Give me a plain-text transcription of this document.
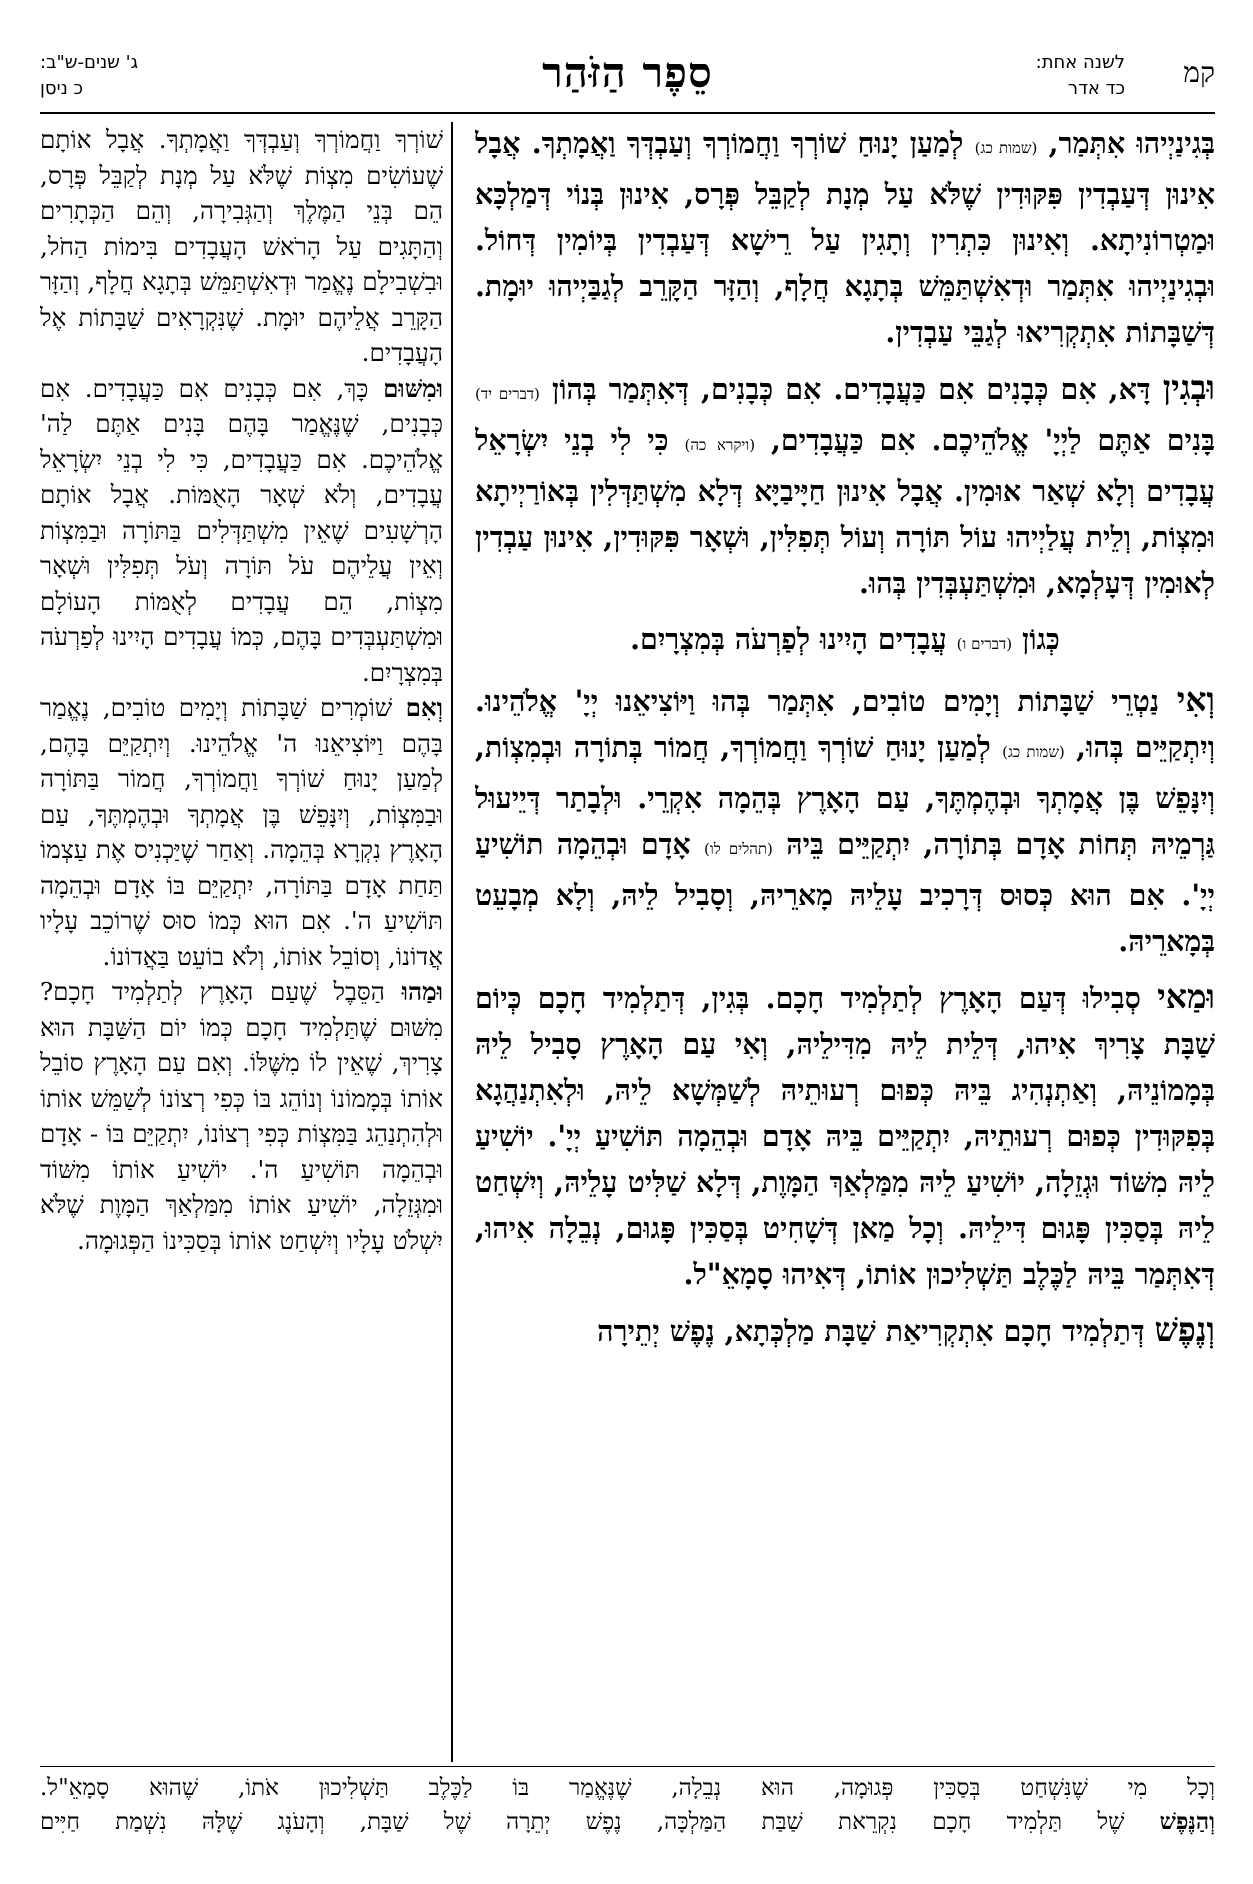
קמ
לשנה אחת:
כד אדר
סֵפֶר הַזֹּהַר
ג' שנים-ש"ב:
כ ניסן

בְּגִינַיְיהוּ אִתְּמַר, (שמות כג) לְמַעַן יָנוּחַ שׁוֹרְךָ וַחֲמוֹרְךָ וְעַבְדְּךָ וַאֲמָתְךָ. אֲבָל אִינוּן דְּעַבְדִין פִּקּוּדִין שֶׁלֹּא עַל מְנָת לְקַבֵּל פְּרָס, אִינוּן בְּנוֹי דְּמַלְכָּא וּמַטְרוֹנִיתָא. וְאִינוּן כִּתְרִין וְתָגִין עַל רֵישָׁא דְּעַבְדִין בְּיוֹמִין דְּחוֹל. וּבְגִינַיְיהוּ אִתְּמַר וּדְאִשְׁתַּמֵּשׁ בְּתָגָא חֲלָף, וְהַזָּר הַקָּרֵב לְגַבַּיְיהוּ יוּמָת. דְּשַׁבָּתוֹת אִתְקְרִיאוּ לְגַבֵּי עַבְדִין.

וּבְגִין דָּא, אִם כְּבָנִים אִם כַּעֲבָדִים. אִם כְּבָנִים, דְּאִתְּמַר בְּהוֹן (דברים יד) בָּנִים אַתֶּם לַיְיָ' אֱלֹהֵיכֶם. אִם כַּעֲבָדִים, (ויקרא כה) כִּי לִי בְנֵי יִשְׂרָאֵל עֲבָדִים וְלָא שְׁאַר אוּמִין. אֲבָל אִינוּן חַיָּיבַיָּא דְּלָא מִשְׁתַּדְּלִין בְּאוֹרַיְיתָא וּמִצְוֹת, וְלֵית עֲלַיְיהוּ עוֹל תּוֹרָה וְעוֹל תְּפִלִּין, וּשְׁאָר פִּקּוּדִין, אִינוּן עַבְדִין לְאוּמִין דְּעָלְמָא, וּמִשְׁתַּעְבְּדִין בְּהוּ.

כְּגוֹן (דברים ו) עֲבָדִים הָיִינוּ לְפַרְעֹה בְּמִצְרָיִם.

וְאִי נַטְרֵי שַׁבָּתוֹת וְיָמִים טוֹבִים, אִתְּמַר בְּהוּ וַיּוֹצִיאֵנוּ יְיָ' אֱלֹהֵינוּ. וְיִתְקַיֵּים בְּהוּ, (שמות כג) לְמַעַן יָנוּחַ שׁוֹרְךָ וַחֲמוֹרְךָ, חֲמוֹר בְּתוֹרָה וּבְמִצְוֹת, וְיִנָּפֵשׁ בֶּן אֲמָתְךָ וּבְהֶמְתֶּךָ, עַם הָאָרֶץ בְּהֵמָה אִקְרֵי. וּלְבָתַר דְּיֵיעוּל גַּרְמֵיהּ תְּחוֹת אָדָם בְּתוֹרָה, יִתְקַיֵּים בֵּיהּ (תהלים לו) אָדָם וּבְהֵמָה תוֹשִׁיעַ יְיָ'. אִם הוּא כְּסוּס דְּרָכִיב עָלֵיהּ מָארֵיהּ, וְסָבִיל לֵיהּ, וְלָא מְבָעֵט בְּמָארֵיהּ.

וּמַאי סְבִילוּ דְּעַם הָאָרֶץ לְתַלְמִיד חָכָם. בְּגִין, דְּתַלְמִיד חָכָם כְּיוֹם שַׁבָּת צָרִיךְ אִיהוּ, דְּלֵית לֵיהּ מִדִּילֵיהּ, וְאִי עַם הָאָרֶץ סָבִיל לֵיהּ בְּמָמוֹנֵיהּ, וְאַתְנְהִיג בֵּיהּ כְּפוּם רְעוּתֵיהּ לְשַׁמְּשָׁא לֵיהּ, וּלְאִתְנַהֲגָא בְּפִקּוּדִין כְּפוּם רְעוּתֵיהּ, יִתְקַיֵּים בֵּיהּ אָדָם וּבְהֵמָה תּוֹשִׁיעַ יְיָ'. יוֹשִׁיעַ לֵיהּ מִשּׁוֹד וּגְזֵלָה, יוֹשִׁיעַ לֵיהּ מִמַּלְאַךְ הַמָּוֶת, דְּלָא שַׁלִּיט עָלֵיהּ, וְיִשְׁחַט לֵיהּ בְּסַכִּין פָּגוּם דִּילֵיהּ. וְכָל מַאן דְּשָׁחִיט בְּסַכִּין פָּגוּם, נְבֵלָה אִיהוּ, דְּאִתְּמַר בֵּיהּ לַכֶּלֶב תַּשְׁלִיכוּן אוֹתוֹ, דְּאִיהוּ סָמָאֵ"ל.

וְנֶפֶשׁ דְּתַלְמִיד חָכָם אִתְקְרִיאַת שַׁבָּת מַלְכְּתָא, נֶפֶשׁ יְתֵירָה

שׁוֹרְךָ וַחֲמוֹרְךָ וְעַבְדְּךָ וַאֲמָתְךָ. אֲבָל אוֹתָם שֶׁעוֹשִׂים מִצְוֹת שֶׁלֹּא עַל מְנָת לְקַבֵּל פְּרָס, הֵם בְּנֵי הַמֶּלֶךְ וְהַגְּבִירָה, וְהֵם הַכְּתָרִים וְהַתָּגִים עַל הָרֹאשׁ הָעֲבָדִים בִּימוֹת הַחֹל, וּבִשְׁבִילָם נֶאֱמַר וּדְאִשְׁתַּמֵּשׁ בְּתָגָא חֲלָף, וְהַזָּר הַקָּרֵב אֲלֵיהֶם יוּמָת. שֶׁנִּקְרָאִים שַׁבָּתוֹת אֶל הָעֲבָדִים.

וּמִשּׁוּם כָּךְ, אִם כְּבָנִים אִם כַּעֲבָדִים. אִם כְּבָנִים, שֶׁנֶּאֱמַר בָּהֶם בָּנִים אַתֶּם לַה' אֱלֹהֵיכֶם. אִם כַּעֲבָדִים, כִּי לִי בְנֵי יִשְׂרָאֵל עֲבָדִים, וְלֹא שְׁאָר הָאֻמּוֹת. אֲבָל אוֹתָם הָרְשָׁעִים שֶׁאֵין מִשְׁתַּדְּלִים בַּתּוֹרָה וּבַמִּצְוֹת וְאֵין עֲלֵיהֶם עֹל תּוֹרָה וְעֹל תְּפִלִּין וּשְׁאָר מִצְוֹת, הֵם עֲבָדִים לְאֻמּוֹת הָעוֹלָם וּמִשְׁתַּעְבְּדִים בָּהֶם, כְּמוֹ עֲבָדִים הָיִינוּ לְפַרְעֹה בְּמִצְרָיִם.

וְאִם שׁוֹמְרִים שַׁבָּתוֹת וְיָמִים טוֹבִים, נֶאֱמַר בָּהֶם וַיּוֹצִיאֵנוּ ה' אֱלֹהֵינוּ. וְיִתְקַיֵּם בָּהֶם, לְמַעַן יָנוּחַ שׁוֹרְךָ וַחֲמוֹרְךָ, חֲמוֹר בַּתּוֹרָה וּבַמִּצְוֹת, וְיִנָּפֵשׁ בֶּן אֲמָתְךָ וּבְהֶמְתֶּךָ, עַם הָאָרֶץ נִקְרָא בְּהֵמָה. וְאַחַר שֶׁיַּכְנִיס אֶת עַצְמוֹ תַּחַת אָדָם בַּתּוֹרָה, יִתְקַיֵּם בּוֹ אָדָם וּבְהֵמָה תּוֹשִׁיעַ ה'. אִם הוּא כְּמוֹ סוּס שֶׁרוֹכֵב עָלָיו אֲדוֹנוֹ, וְסוֹבֵל אוֹתוֹ, וְלֹא בוֹעֵט בַּאֲדוֹנוֹ.

וּמַהוּ הַסֵּבֶל שֶׁעַם הָאָרֶץ לְתַלְמִיד חָכָם? מִשּׁוּם שֶׁתַּלְמִיד חָכָם כְּמוֹ יוֹם הַשַּׁבָּת הוּא צָרִיךְ, שֶׁאֵין לוֹ מִשֶּׁלּוֹ. וְאִם עַם הָאָרֶץ סוֹבֵל אוֹתוֹ בְּמָמוֹנוֹ וְנוֹהֵג בּוֹ כְּפִי רְצוֹנוֹ לְשַׁמֵּשׁ אוֹתוֹ וּלְהִתְנַהֵג בַּמִּצְוֹת כְּפִי רְצוֹנוֹ, יִתְקַיֵּם בּוֹ - אָדָם וּבְהֵמָה תּוֹשִׁיעַ ה'. יוֹשִׁיעַ אוֹתוֹ מִשּׁוֹד וּמִגְּזֵלָה, יוֹשִׁיעַ אוֹתוֹ מִמַּלְאַךְ הַמָּוֶת שֶׁלֹּא יִשְׁלֹט עָלָיו וְיִשְׁחַט אוֹתוֹ בְּסַכִּינוֹ הַפְּגוּמָה.

וְכָל מִי שֶׁנִּשְׁחַט בְּסַכִּין פְּגוּמָה, הוּא נְבֵלָה, שֶׁנֶּאֱמַר בּוֹ לַכֶּלֶב תַּשְׁלִיכוּן אֹתוֹ, שֶׁהוּא סָמָאֵ"ל.

וְהַנֶּפֶשׁ שֶׁל תַּלְמִיד חָכָם נִקְרֵאת שַׁבַּת הַמַּלְכָּה, נֶפֶשׁ יְתֵרָה שֶׁל שַׁבָּת, וְהָעֹנֶג שֶׁלָּהּ נִשְׁמַת חַיִּים
